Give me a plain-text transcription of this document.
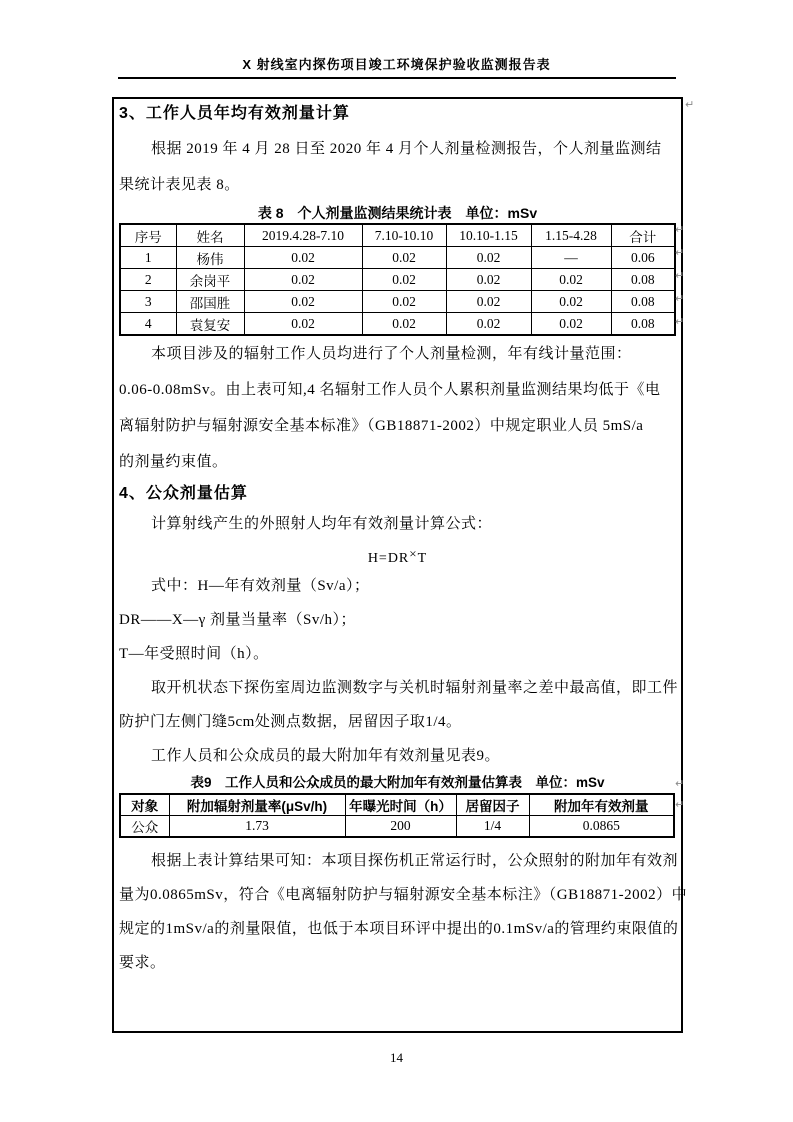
X 射线室内探伤项目竣工环境保护验收监测报告表
3、工作人员年均有效剂量计算
根据 2019 年 4 月 28 日至 2020 年 4 月个人剂量检测报告，个人剂量监测结
果统计表见表 8。
表 8　个人剂量监测结果统计表　单位：mSv
序号	姓名	2019.4.28-7.10	7.10-10.10	10.10-1.15	1.15-4.28	合计
1	杨伟	0.02	0.02	0.02	—	0.06
2	余岗平	0.02	0.02	0.02	0.02	0.08
3	邵国胜	0.02	0.02	0.02	0.02	0.08
4	袁复安	0.02	0.02	0.02	0.02	0.08
本项目涉及的辐射工作人员均进行了个人剂量检测，年有线计量范围：
0.06-0.08mSv。由上表可知,4 名辐射工作人员个人累积剂量监测结果均低于《电
离辐射防护与辐射源安全基本标准》（GB18871-2002）中规定职业人员 5mS/a
的剂量约束值。
4、公众剂量估算
计算射线产生的外照射人均年有效剂量计算公式：
H=DR×T
式中：H—年有效剂量（Sv/a）；
DR——X—γ 剂量当量率（Sv/h）；
T—年受照时间（h）。
取开机状态下探伤室周边监测数字与关机时辐射剂量率之差中最高值，即工件
防护门左侧门缝5cm处测点数据，居留因子取1/4。
工作人员和公众成员的最大附加年有效剂量见表9。
表9　工作人员和公众成员的最大附加年有效剂量估算表　单位：mSv
对象	附加辐射剂量率(μSv/h)	年曝光时间（h）	居留因子	附加年有效剂量
公众	1.73	200	1/4	0.0865
根据上表计算结果可知：本项目探伤机正常运行时，公众照射的附加年有效剂
量为0.0865mSv，符合《电离辐射防护与辐射源安全基本标注》（GB18871-2002）中
规定的1mSv/a的剂量限值，也低于本项目环评中提出的0.1mSv/a的管理约束限值的
要求。
↵
↵
↵
↵
↵
↵
↵
↵
14
